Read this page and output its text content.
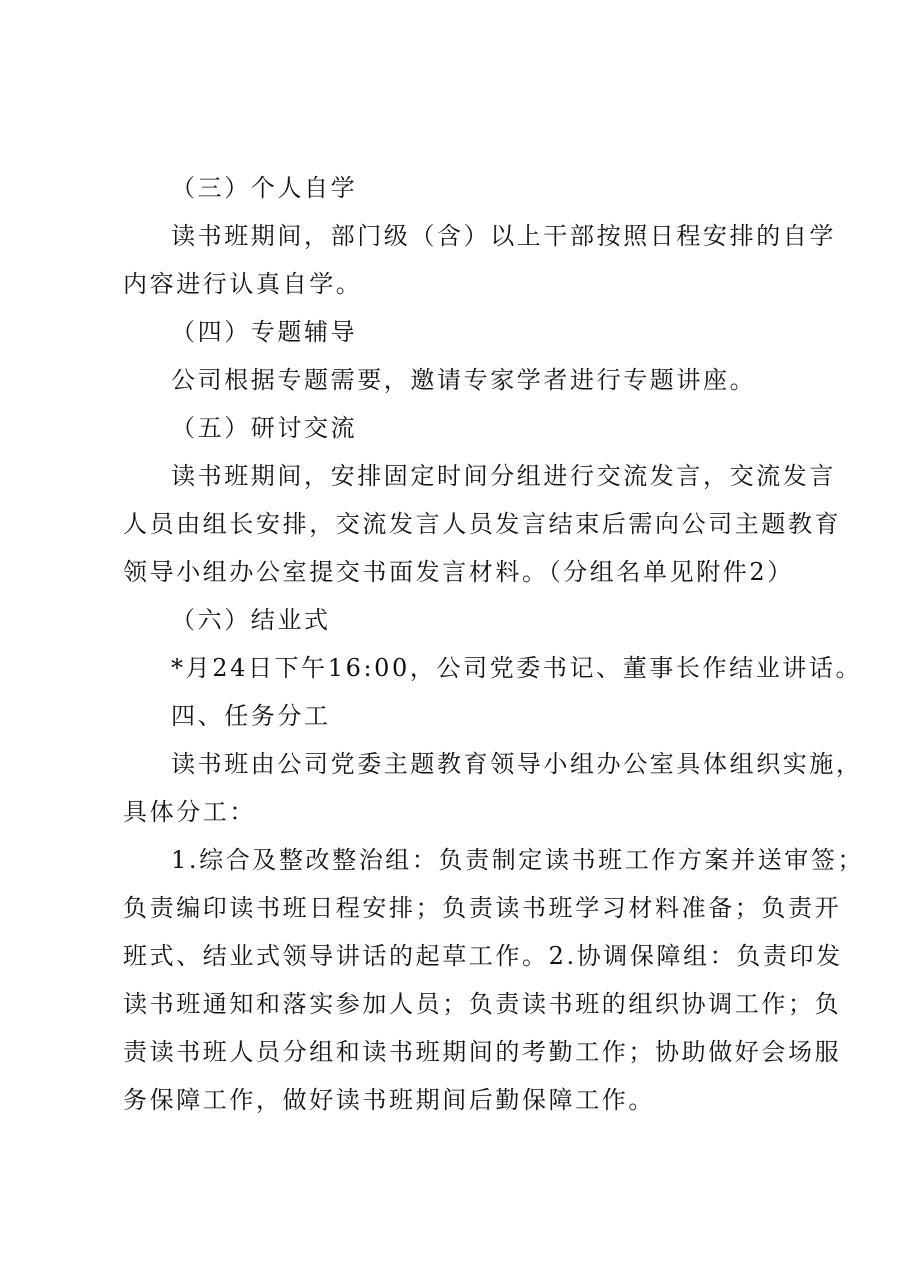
（三）个人自学
读书班期间，部门级（含）以上干部按照日程安排的自学
内容进行认真自学。
（四）专题辅导
公司根据专题需要，邀请专家学者进行专题讲座。
（五）研讨交流
读书班期间，安排固定时间分组进行交流发言，交流发言
人员由组长安排，交流发言人员发言结束后需向公司主题教育
领导小组办公室提交书面发言材料。（分组名单见附件2）
（六）结业式
*月24日下午16:00，公司党委书记、董事长作结业讲话。
四、任务分工
读书班由公司党委主题教育领导小组办公室具体组织实施，
具体分工：
1.综合及整改整治组：负责制定读书班工作方案并送审签；
负责编印读书班日程安排；负责读书班学习材料准备；负责开
班式、结业式领导讲话的起草工作。2.协调保障组：负责印发
读书班通知和落实参加人员；负责读书班的组织协调工作；负
责读书班人员分组和读书班期间的考勤工作；协助做好会场服
务保障工作，做好读书班期间后勤保障工作。
